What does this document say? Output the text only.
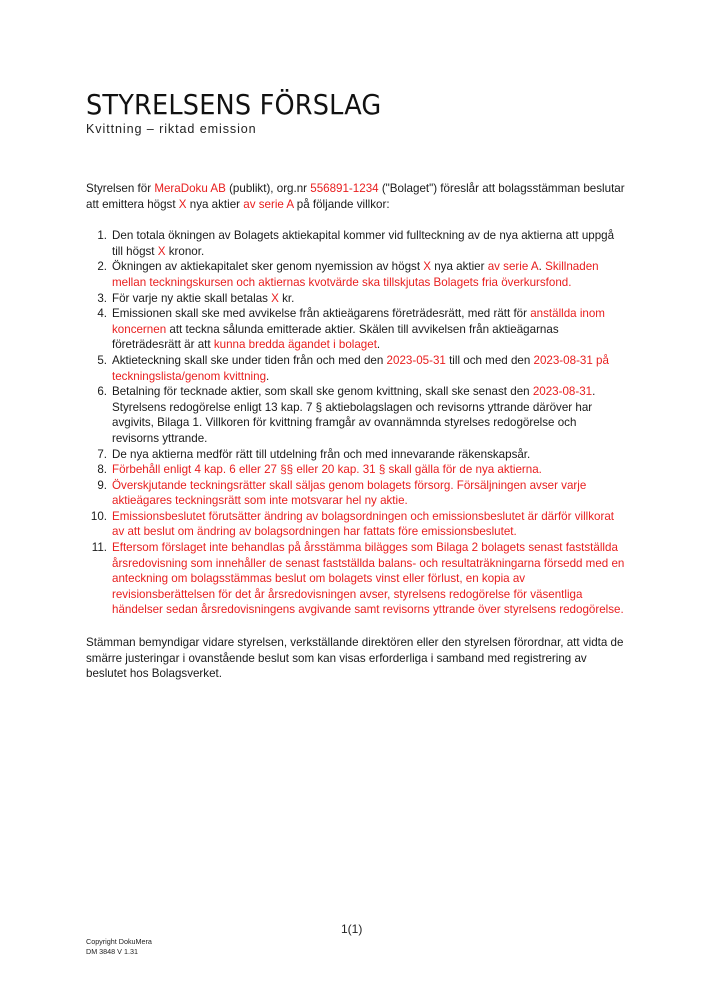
STYRELSENS FÖRSLAG
Kvittning – riktad emission

Styrelsen för MeraDoku AB (publikt), org.nr 556891-1234 ("Bolaget") föreslår att bolagsstämman beslutar att emittera högst X nya aktier av serie A på följande villkor:

1. Den totala ökningen av Bolagets aktiekapital kommer vid fullteckning av de nya aktierna att uppgå till högst X kronor.
2. Ökningen av aktiekapitalet sker genom nyemission av högst X nya aktier av serie A. Skillnaden mellan teckningskursen och aktiernas kvotvärde ska tillskjutas Bolagets fria överkursfond.
3. För varje ny aktie skall betalas X kr.
4. Emissionen skall ske med avvikelse från aktieägarens företrädesrätt, med rätt för anställda inom koncernen att teckna sålunda emitterade aktier. Skälen till avvikelsen från aktieägarnas företrädesrätt är att kunna bredda ägandet i bolaget.
5. Aktieteckning skall ske under tiden från och med den 2023-05-31 till och med den 2023-08-31 på teckningslista/genom kvittning.
6. Betalning för tecknade aktier, som skall ske genom kvittning, skall ske senast den 2023-08-31. Styrelsens redogörelse enligt 13 kap. 7 § aktiebolagslagen och revisorns yttrande däröver har avgivits, Bilaga 1. Villkoren för kvittning framgår av ovannämnda styrelses redogörelse och revisorns yttrande.
7. De nya aktierna medför rätt till utdelning från och med innevarande räkenskapsår.
8. Förbehåll enligt 4 kap. 6 eller 27 §§ eller 20 kap. 31 § skall gälla för de nya aktierna.
9. Överskjutande teckningsrätter skall säljas genom bolagets försorg. Försäljningen avser varje aktieägares teckningsrätt som inte motsvarar hel ny aktie.
10. Emissionsbeslutet förutsätter ändring av bolagsordningen och emissionsbeslutet är därför villkorat av att beslut om ändring av bolagsordningen har fattats före emissionsbeslutet.
11. Eftersom förslaget inte behandlas på årsstämma bilägges som Bilaga 2 bolagets senast fastställda årsredovisning som innehåller de senast fastställda balans- och resultaträkningarna försedd med en anteckning om bolagsstämmas beslut om bolagets vinst eller förlust, en kopia av revisionsberättelsen för det år årsredovisningen avser, styrelsens redogörelse för väsentliga händelser sedan årsredovisningens avgivande samt revisorns yttrande över styrelsens redogörelse.

Stämman bemyndigar vidare styrelsen, verkställande direktören eller den styrelsen förordnar, att vidta de smärre justeringar i ovanstående beslut som kan visas erforderliga i samband med registrering av beslutet hos Bolagsverket.

1(1)
Copyright DokuMera
DM 3848 V 1.31
